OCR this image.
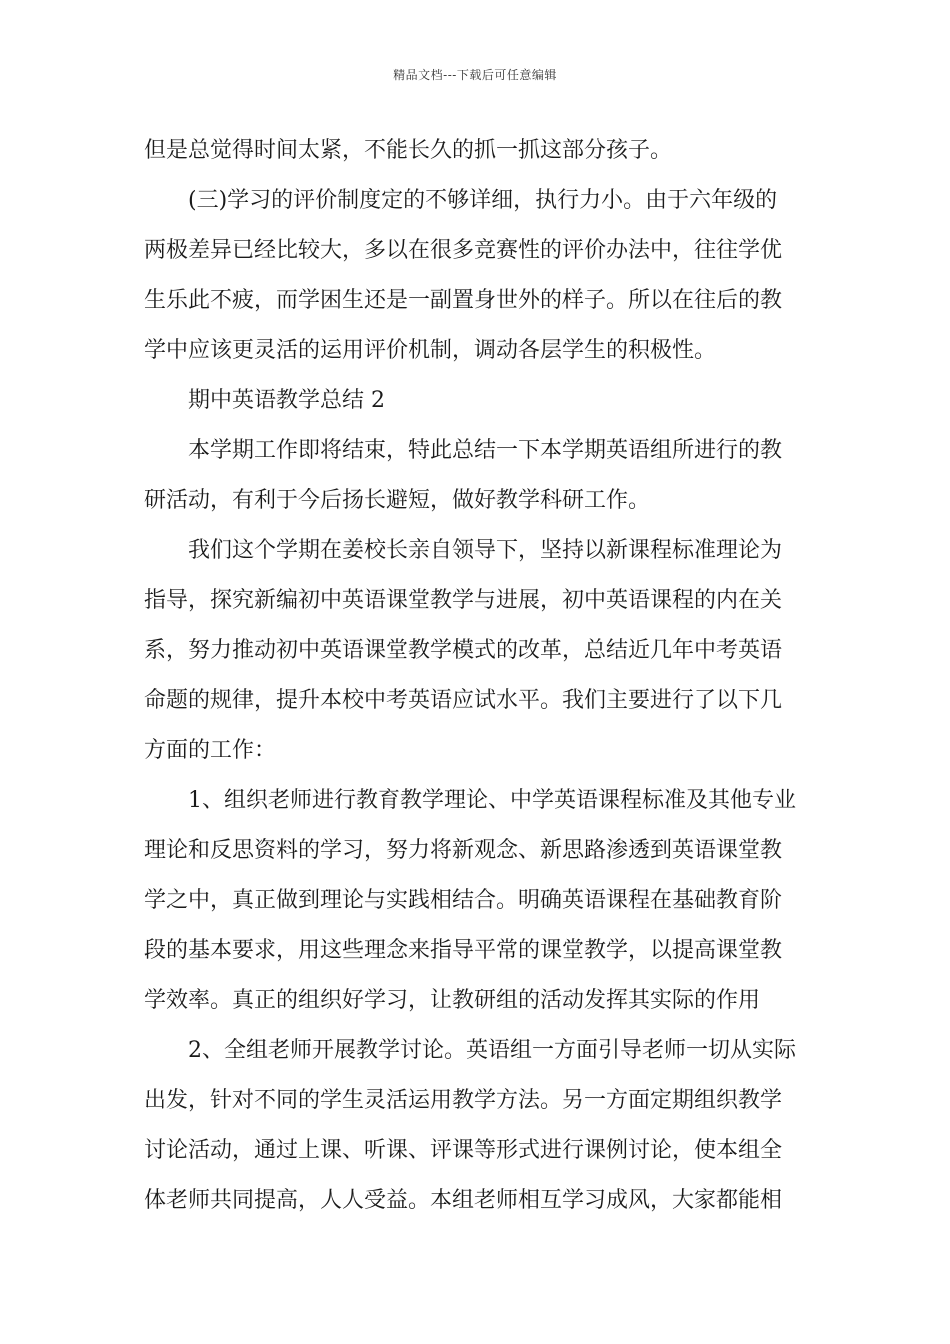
精品文档---下载后可任意编辑
但是总觉得时间太紧，不能长久的抓一抓这部分孩子。
(三)学习的评价制度定的不够详细，执行力小。由于六年级的
两极差异已经比较大，多以在很多竞赛性的评价办法中，往往学优
生乐此不疲，而学困生还是一副置身世外的样子。所以在往后的教
学中应该更灵活的运用评价机制，调动各层学生的积极性。
期中英语教学总结 2
本学期工作即将结束，特此总结一下本学期英语组所进行的教
研活动，有利于今后扬长避短，做好教学科研工作。
我们这个学期在姜校长亲自领导下，坚持以新课程标准理论为
指导，探究新编初中英语课堂教学与进展，初中英语课程的内在关
系，努力推动初中英语课堂教学模式的改革，总结近几年中考英语
命题的规律，提升本校中考英语应试水平。我们主要进行了以下几
方面的工作：
1、组织老师进行教育教学理论、中学英语课程标准及其他专业
理论和反思资料的学习，努力将新观念、新思路渗透到英语课堂教
学之中，真正做到理论与实践相结合。明确英语课程在基础教育阶
段的基本要求，用这些理念来指导平常的课堂教学，以提高课堂教
学效率。真正的组织好学习，让教研组的活动发挥其实际的作用
2、全组老师开展教学讨论。英语组一方面引导老师一切从实际
出发，针对不同的学生灵活运用教学方法。另一方面定期组织教学
讨论活动，通过上课、听课、评课等形式进行课例讨论，使本组全
体老师共同提高，人人受益。本组老师相互学习成风，大家都能相
